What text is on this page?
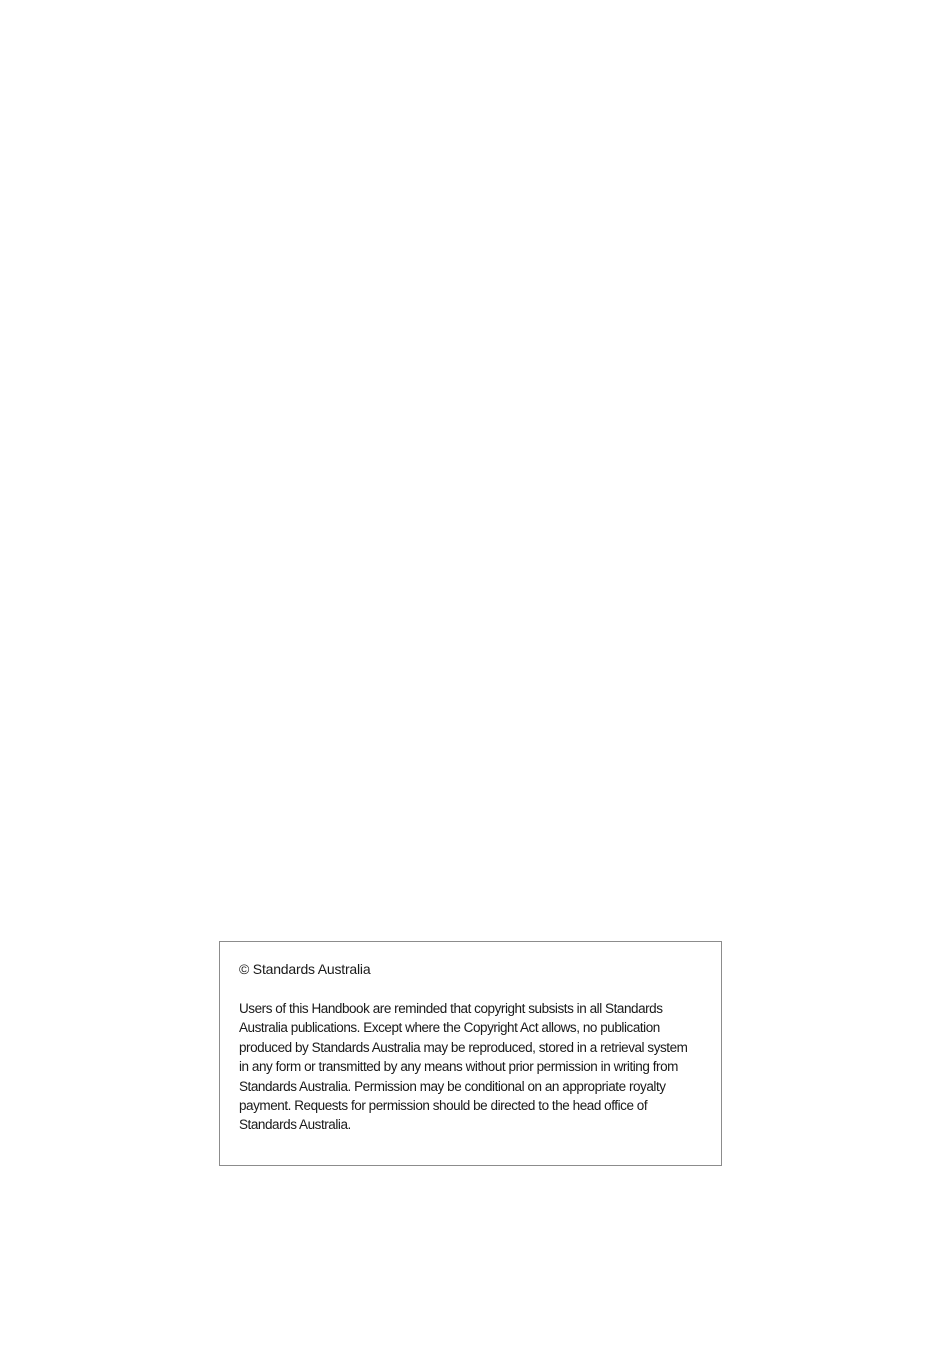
© Standards Australia

Users of this Handbook are reminded that copyright subsists in all Standards
Australia publications. Except where the Copyright Act allows, no publication
produced by Standards Australia may be reproduced, stored in a retrieval system
in any form or transmitted by any means without prior permission in writing from
Standards Australia. Permission may be conditional on an appropriate royalty
payment. Requests for permission should be directed to the head office of
Standards Australia.
